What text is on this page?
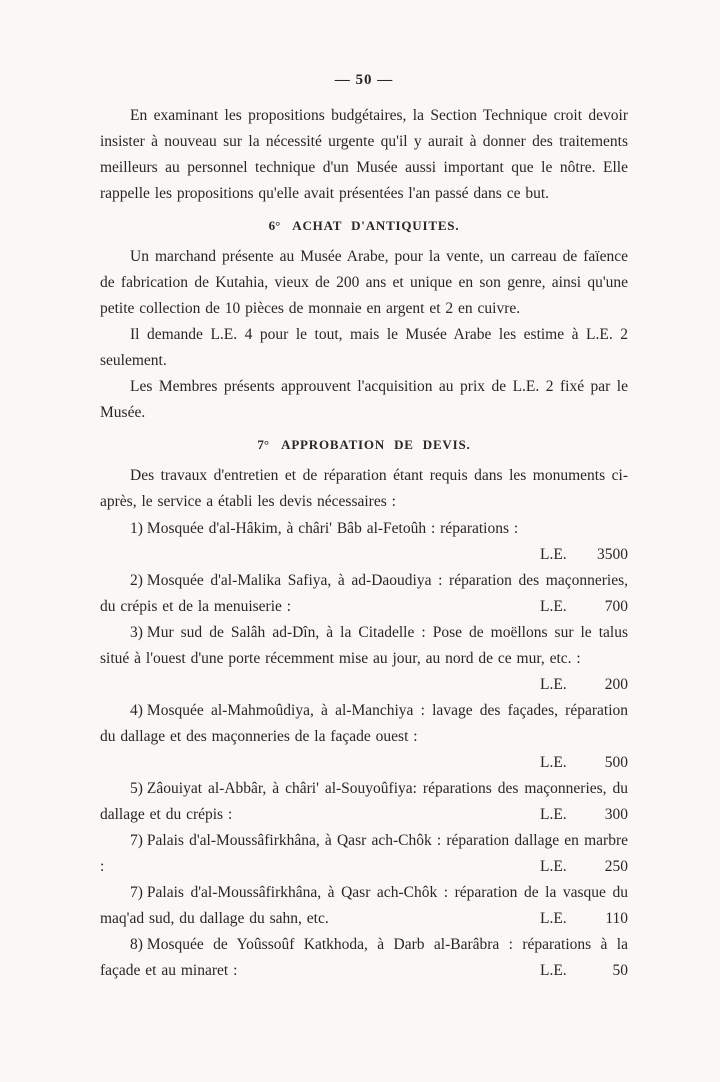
— 50 —

En examinant les propositions budgétaires, la Section Technique croit devoir insister à nouveau sur la nécessité urgente qu'il y aurait à donner des traitements meilleurs au personnel technique d'un Musée aussi important que le nôtre. Elle rappelle les propositions qu'elle avait présentées l'an passé dans ce but.

6° ACHAT D'ANTIQUITES.

Un marchand présente au Musée Arabe, pour la vente, un carreau de faïence de fabrication de Kutahia, vieux de 200 ans et unique en son genre, ainsi qu'une petite collection de 10 pièces de monnaie en argent et 2 en cuivre.

Il demande L.E. 4 pour le tout, mais le Musée Arabe les estime à L.E. 2 seulement.

Les Membres présents approuvent l'acquisition au prix de L.E. 2 fixé par le Musée.

7° APPROBATION DE DEVIS.

Des travaux d'entretien et de réparation étant requis dans les monuments ci-après, le service a établi les devis nécessaires :

1) Mosquée d'al-Hâkim, à châri' Bâb al-Fetoûh : réparations :
L.E. 3500

2) Mosquée d'al-Malika Safiya, à ad-Daoudiya : réparation des maçonneries, du crépis et de la menuiserie :	L.E. 700

3) Mur sud de Salâh ad-Dîn, à la Citadelle : Pose de moëllons sur le talus situé à l'ouest d'une porte récemment mise au jour, au nord de ce mur, etc. :
L.E. 200

4) Mosquée al-Mahmoûdiya, à al-Manchiya : lavage des façades, réparation du dallage et des maçonneries de la façade ouest :
L.E. 500

5) Zâouiyat al-Abbâr, à châri' al-Souyoûfiya: réparations des maçonneries, du dallage et du crépis :	L.E. 300

7) Palais d'al-Moussâfirkhâna, à Qasr ach-Chôk : réparation dallage en marbre :	L.E. 250

7) Palais d'al-Moussâfirkhâna, à Qasr ach-Chôk : réparation de la vasque du maq'ad sud, du dallage du sahn, etc.	L.E. 110

8) Mosquée de Yoûssoûf Katkhoda, à Darb al-Barâbra : réparations à la façade et au minaret :	L.E.	50
